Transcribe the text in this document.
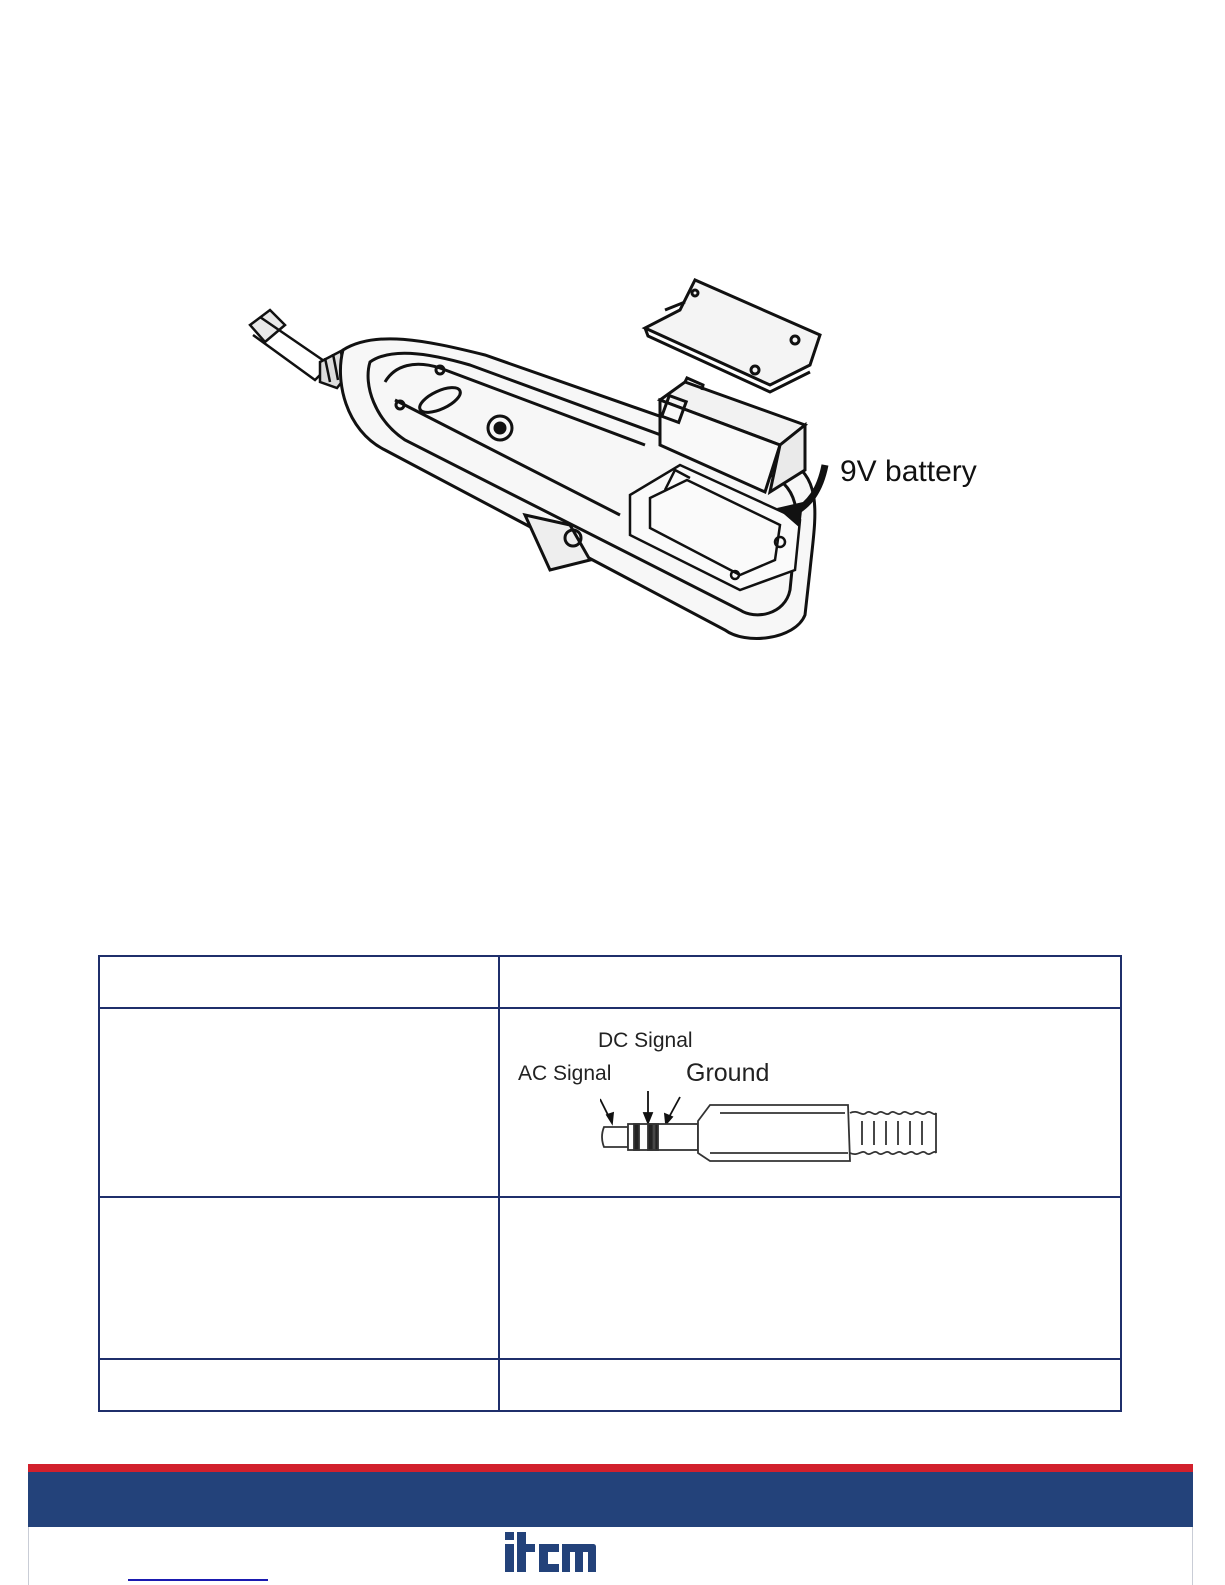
9V battery

	DC Signal
AC Signal Ground
